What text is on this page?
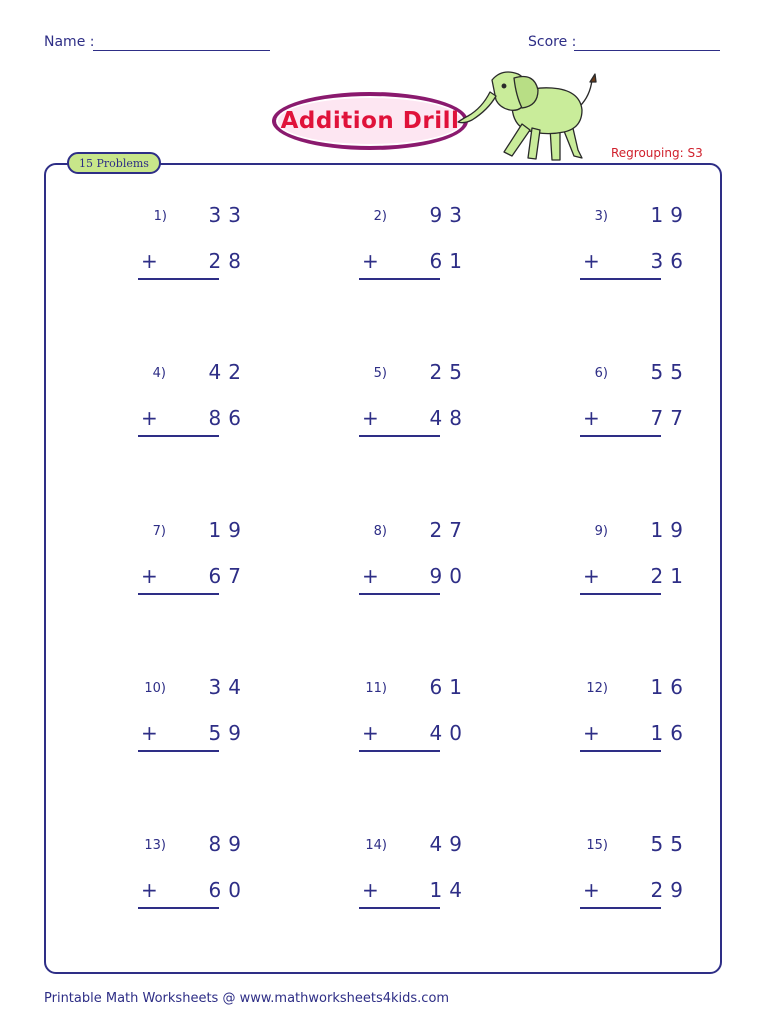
Name :	Score :
Addition Drill
Regrouping: S3
15 Problems
1)	33
+	28
2)	93
+	61
3)	19
+	36
4)	42
+	86
5)	25
+	48
6)	55
+	77
7)	19
+	67
8)	27
+	90
9)	19
+	21
10)	34
+	59
11)	61
+	40
12)	16
+	16
13)	89
+	60
14)	49
+	14
15)	55
+	29
Printable Math Worksheets @ www.mathworksheets4kids.com
